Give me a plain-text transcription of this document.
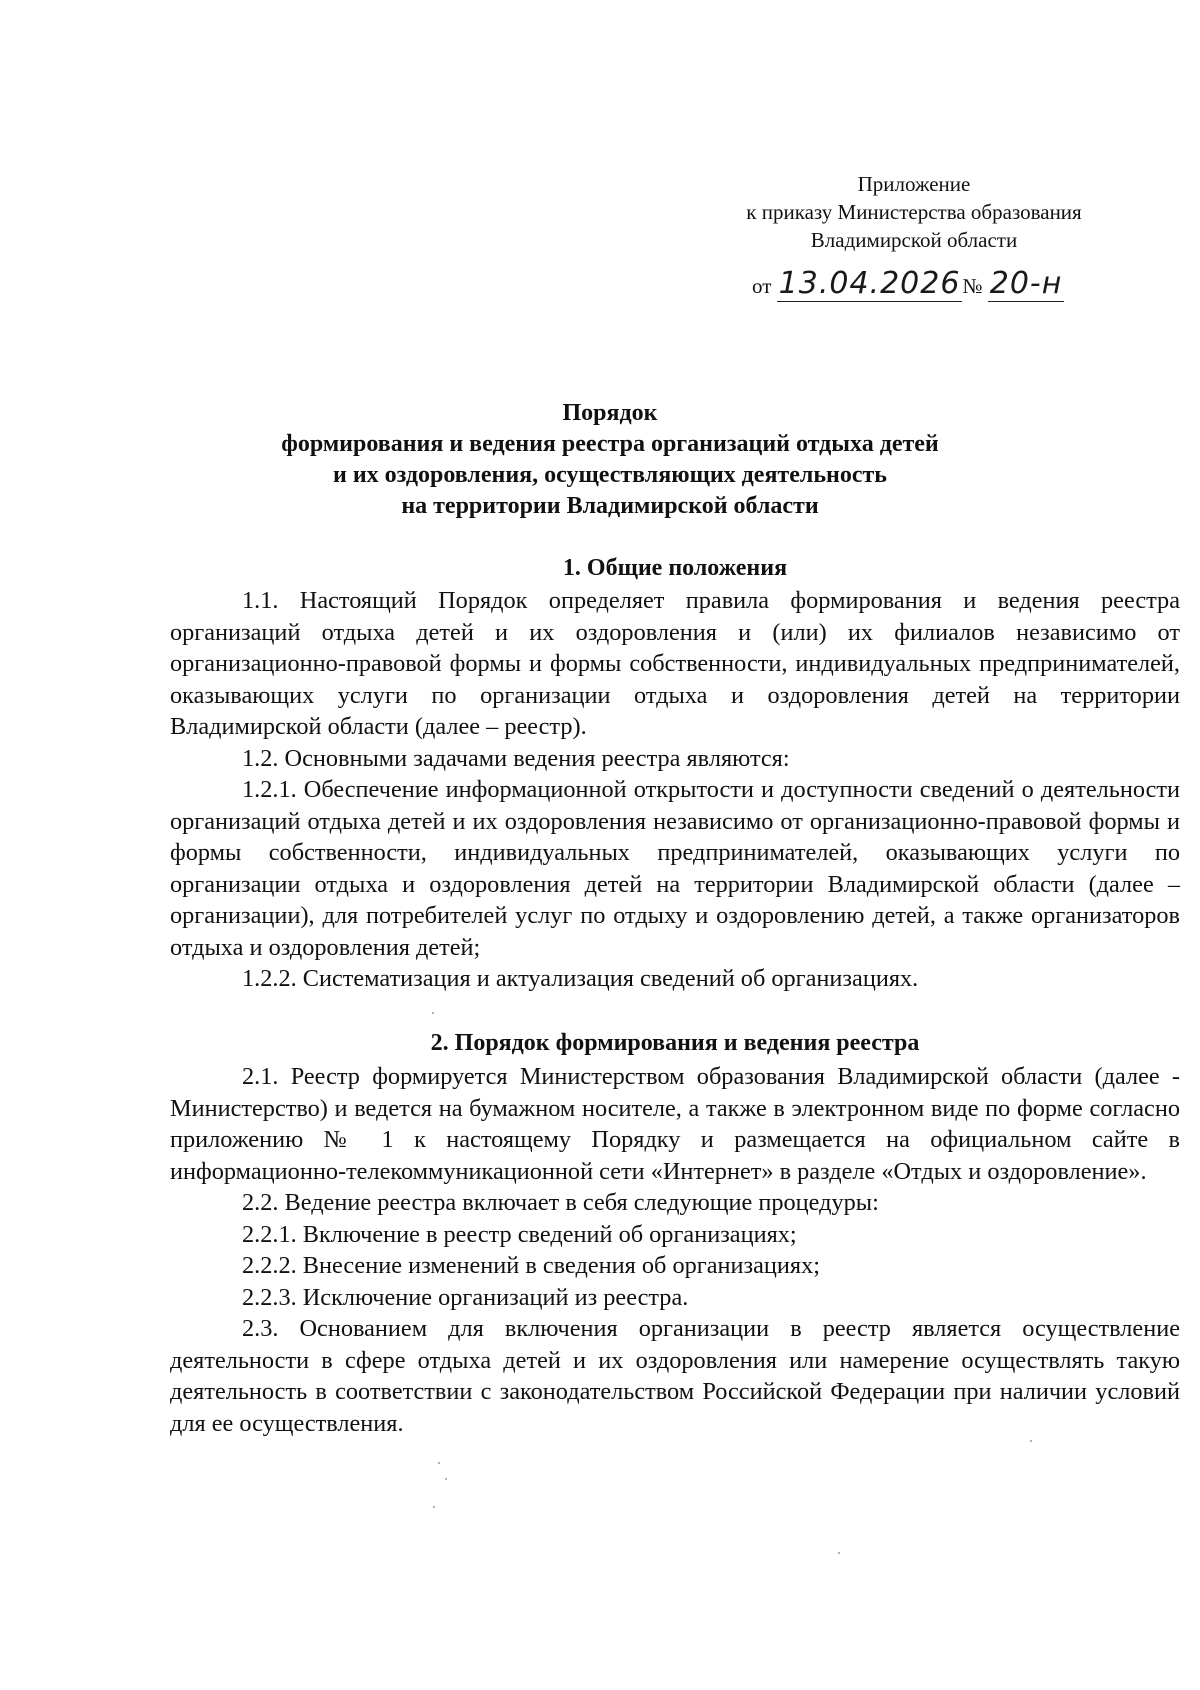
Приложение
к приказу Министерства образования
Владимирской области
от 13.04.2026№ 20-н
Порядок
формирования и ведения реестра организаций отдыха детей
и их оздоровления, осуществляющих деятельность
на территории Владимирской области
1. Общие положения

1.1. Настоящий Порядок определяет правила формирования и ведения реестра организаций отдыха детей и их оздоровления и (или) их филиалов независимо от организационно-правовой формы и формы собственности, индивидуальных предпринимателей, оказывающих услуги по организации отдыха и оздоровления детей на территории Владимирской области (далее – реестр).

1.2. Основными задачами ведения реестра являются:

1.2.1. Обеспечение информационной открытости и доступности сведений о деятельности организаций отдыха детей и их оздоровления независимо от организационно-правовой формы и формы собственности, индивидуальных предпринимателей, оказывающих услуги по организации отдыха и оздоровления детей на территории Владимирской области (далее – организации), для потребителей услуг по отдыху и оздоровлению детей, а также организаторов отдыха и оздоровления детей;

1.2.2. Систематизация и актуализация сведений об организациях.

2. Порядок формирования и ведения реестра

2.1. Реестр формируется Министерством образования Владимирской области (далее - Министерство) и ведется на бумажном носителе, а также в электронном виде по форме согласно приложению № 1 к настоящему Порядку и размещается на официальном сайте в информационно-телекоммуникационной сети «Интернет» в разделе «Отдых и оздоровление».

2.2. Ведение реестра включает в себя следующие процедуры:

2.2.1. Включение в реестр сведений об организациях;

2.2.2. Внесение изменений в сведения об организациях;

2.2.3. Исключение организаций из реестра.

2.3. Основанием для включения организации в реестр является осуществление деятельности в сфере отдыха детей и их оздоровления или намерение осуществлять такую деятельность в соответствии с законодательством Российской Федерации при наличии условий для ее осуществления.
